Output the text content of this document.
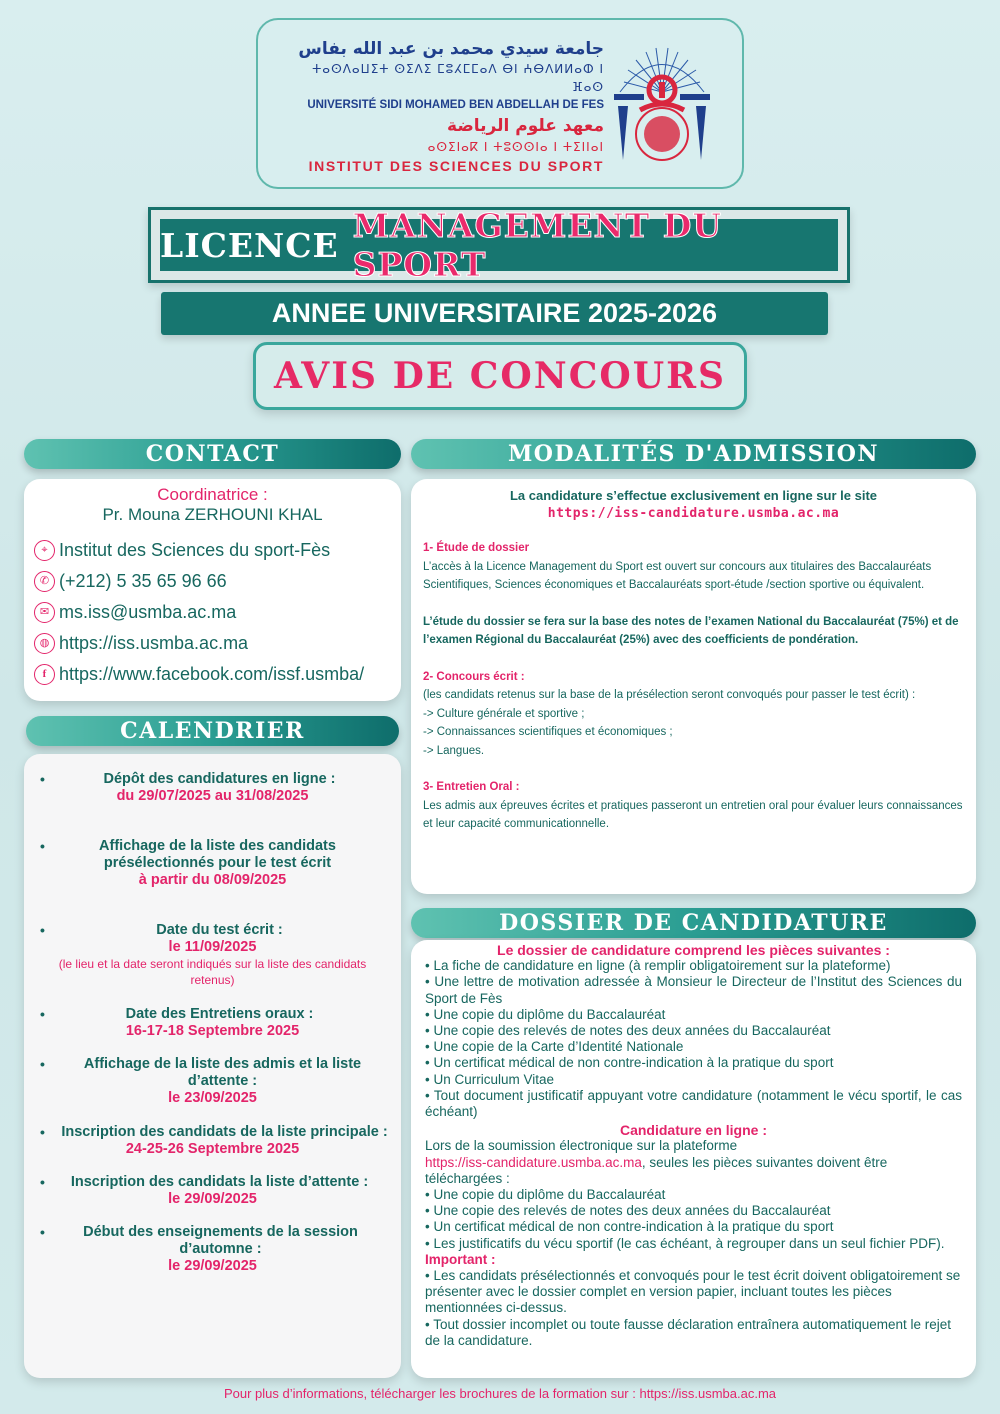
جامعة سيدي محمد بن عبد الله بفاس
ⵜⴰⵙⴷⴰⵡⵉⵜ ⵙⵉⴷⵉ ⵎⵓⵃⵎⵎⴰⴷ ⴱⵏ ⵄⴱⴷⵍⵍⴰⵀ ⵏ ⴼⴰⵙ
UNIVERSITÉ SIDI MOHAMED BEN ABDELLAH DE FES
معهد علوم الرياضة
ⴰⵙⵉⵏⴰⴽ ⵏ ⵜⵓⵙⵙⵏⴰ ⵏ ⵜⵉⵏⵏⴰⵏ
INSTITUT DES SCIENCES DU SPORT
LICENCE MANAGEMENT DU SPORT
ANNEE UNIVERSITAIRE 2025-2026
AVIS DE CONCOURS
CONTACT
Coordinatrice :
Pr. Mouna ZERHOUNI KHAL
⌖ Institut des Sciences du sport-Fès
✆ (+212) 5 35 65 96 66
✉ ms.iss@usmba.ac.ma
◍ https://iss.usmba.ac.ma
f https://www.facebook.com/issf.usmba/
CALENDRIER
•	Dépôt des candidatures en ligne :
du 29/07/2025 au 31/08/2025
•	Affichage de la liste des candidats présélectionnés pour le test écrit
à partir du 08/09/2025
•	Date du test écrit :
le 11/09/2025
(le lieu et la date seront indiqués sur la liste des candidats retenus)
•	Date des Entretiens oraux :
16-17-18 Septembre 2025
•	Affichage de la liste des admis et la liste d’attente :
le 23/09/2025
•	Inscription des candidats de la liste principale :
24-25-26 Septembre 2025
•	Inscription des candidats la liste d’attente :
le 29/09/2025
•	Début des enseignements de la session d’automne :
le 29/09/2025
MODALITÉS D'ADMISSION
La candidature s’effectue exclusivement en ligne sur le site
https://iss-candidature.usmba.ac.ma
1- Étude de dossier
L’accès à la Licence Management du Sport est ouvert sur concours aux titulaires des Baccalauréats Scientifiques, Sciences économiques et Baccalauréats sport-étude /section sportive ou équivalent.
L’étude du dossier se fera sur la base des notes de l’examen National du Baccalauréat (75%) et de l’examen Régional du Baccalauréat (25%) avec des coefficients de pondération.
2- Concours écrit :
(les candidats retenus sur la base de la présélection seront convoqués pour passer le test écrit) :
-> Culture générale et sportive ;
-> Connaissances scientifiques et économiques ;
-> Langues.
3- Entretien Oral :
Les admis aux épreuves écrites et pratiques passeront un entretien oral pour évaluer leurs connaissances et leur capacité communicationnelle.
DOSSIER DE CANDIDATURE
Le dossier de candidature comprend les pièces suivantes :
• La fiche de candidature en ligne (à remplir obligatoirement sur la plateforme)
• Une lettre de motivation adressée à Monsieur le Directeur de l’Institut des Sciences du Sport de Fès
• Une copie du diplôme du Baccalauréat
• Une copie des relevés de notes des deux années du Baccalauréat
• Une copie de la Carte d’Identité Nationale
• Un certificat médical de non contre-indication à la pratique du sport
• Un Curriculum Vitae
• Tout document justificatif appuyant votre candidature (notamment le vécu sportif, le cas échéant)
Candidature en ligne :
Lors de la soumission électronique sur la plateforme
https://iss-candidature.usmba.ac.ma, seules les pièces suivantes doivent être téléchargées :
• Une copie du diplôme du Baccalauréat
• Une copie des relevés de notes des deux années du Baccalauréat
• Un certificat médical de non contre-indication à la pratique du sport
• Les justificatifs du vécu sportif (le cas échéant, à regrouper dans un seul fichier PDF).
Important :
• Les candidats présélectionnés et convoqués pour le test écrit doivent obligatoirement se présenter avec le dossier complet en version papier, incluant toutes les pièces mentionnées ci-dessus.
• Tout dossier incomplet ou toute fausse déclaration entraînera automatiquement le rejet de la candidature.
Pour plus d’informations, télécharger les brochures de la formation sur : https://iss.usmba.ac.ma
